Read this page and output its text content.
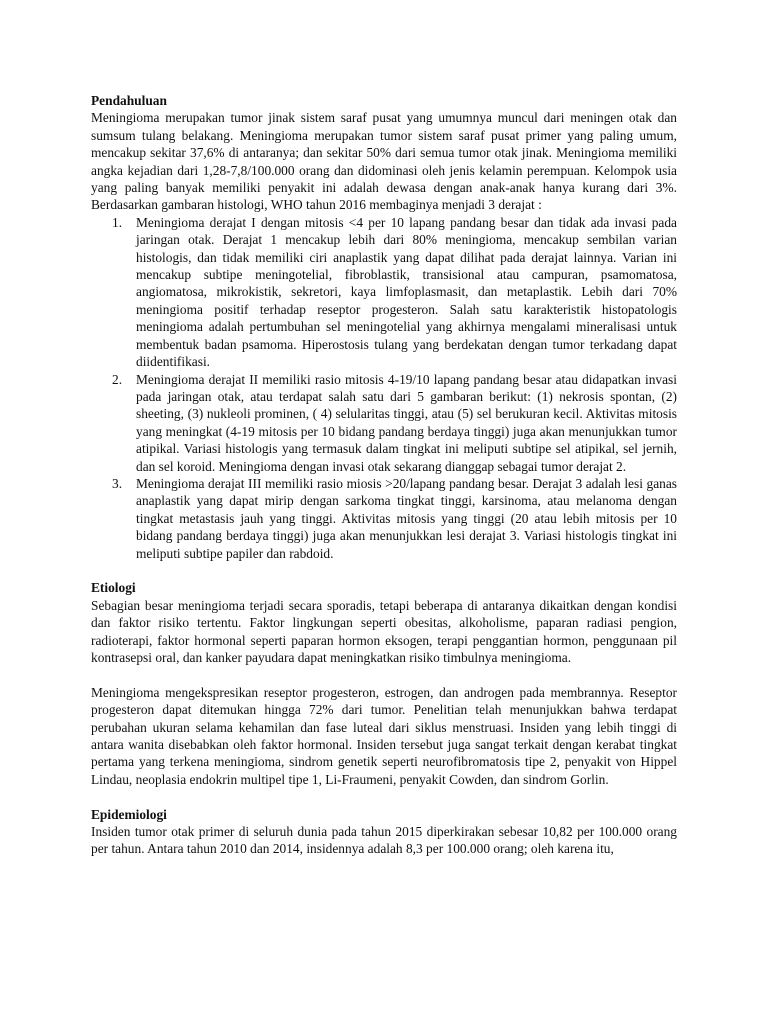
Pendahuluan

Meningioma merupakan tumor jinak sistem saraf pusat yang umumnya muncul dari meningen otak dan sumsum tulang belakang. Meningioma merupakan tumor sistem saraf pusat primer yang paling umum, mencakup sekitar 37,6% di antaranya; dan sekitar 50% dari semua tumor otak jinak. Meningioma memiliki angka kejadian dari 1,28-7,8/100.000 orang dan didominasi oleh jenis kelamin perempuan. Kelompok usia yang paling banyak memiliki penyakit ini adalah dewasa dengan anak-anak hanya kurang dari 3%. Berdasarkan gambaran histologi, WHO tahun 2016 membaginya menjadi 3 derajat :

1. Meningioma derajat I dengan mitosis <4 per 10 lapang pandang besar dan tidak ada invasi pada jaringan otak. Derajat 1 mencakup lebih dari 80% meningioma, mencakup sembilan varian histologis, dan tidak memiliki ciri anaplastik yang dapat dilihat pada derajat lainnya. Varian ini mencakup subtipe meningotelial, fibroblastik, transisional atau campuran, psamomatosa, angiomatosa, mikrokistik, sekretori, kaya limfoplasmasit, dan metaplastik. Lebih dari 70% meningioma positif terhadap reseptor progesteron. Salah satu karakteristik histopatologis meningioma adalah pertumbuhan sel meningotelial yang akhirnya mengalami mineralisasi untuk membentuk badan psamoma. Hiperostosis tulang yang berdekatan dengan tumor terkadang dapat diidentifikasi.
2. Meningioma derajat II memiliki rasio mitosis 4-19/10 lapang pandang besar atau didapatkan invasi pada jaringan otak, atau terdapat salah satu dari 5 gambaran berikut: (1) nekrosis spontan, (2) sheeting, (3) nukleoli prominen, ( 4) selularitas tinggi, atau (5) sel berukuran kecil. Aktivitas mitosis yang meningkat (4-19 mitosis per 10 bidang pandang berdaya tinggi) juga akan menunjukkan tumor atipikal. Variasi histologis yang termasuk dalam tingkat ini meliputi subtipe sel atipikal, sel jernih, dan sel koroid. Meningioma dengan invasi otak sekarang dianggap sebagai tumor derajat 2.
3. Meningioma derajat III memiliki rasio miosis >20/lapang pandang besar. Derajat 3 adalah lesi ganas anaplastik yang dapat mirip dengan sarkoma tingkat tinggi, karsinoma, atau melanoma dengan tingkat metastasis jauh yang tinggi. Aktivitas mitosis yang tinggi (20 atau lebih mitosis per 10 bidang pandang berdaya tinggi) juga akan menunjukkan lesi derajat 3. Variasi histologis tingkat ini meliputi subtipe papiler dan rabdoid.

Etiologi

Sebagian besar meningioma terjadi secara sporadis, tetapi beberapa di antaranya dikaitkan dengan kondisi dan faktor risiko tertentu. Faktor lingkungan seperti obesitas, alkoholisme, paparan radiasi pengion, radioterapi, faktor hormonal seperti paparan hormon eksogen, terapi penggantian hormon, penggunaan pil kontrasepsi oral, dan kanker payudara dapat meningkatkan risiko timbulnya meningioma.

Meningioma mengekspresikan reseptor progesteron, estrogen, dan androgen pada membrannya. Reseptor progesteron dapat ditemukan hingga 72% dari tumor. Penelitian telah menunjukkan bahwa terdapat perubahan ukuran selama kehamilan dan fase luteal dari siklus menstruasi. Insiden yang lebih tinggi di antara wanita disebabkan oleh faktor hormonal. Insiden tersebut juga sangat terkait dengan kerabat tingkat pertama yang terkena meningioma, sindrom genetik seperti neurofibromatosis tipe 2, penyakit von Hippel Lindau, neoplasia endokrin multipel tipe 1, Li-Fraumeni, penyakit Cowden, dan sindrom Gorlin.

Epidemiologi

Insiden tumor otak primer di seluruh dunia pada tahun 2015 diperkirakan sebesar 10,82 per 100.000 orang per tahun. Antara tahun 2010 dan 2014, insidennya adalah 8,3 per 100.000 orang; oleh karena itu,
